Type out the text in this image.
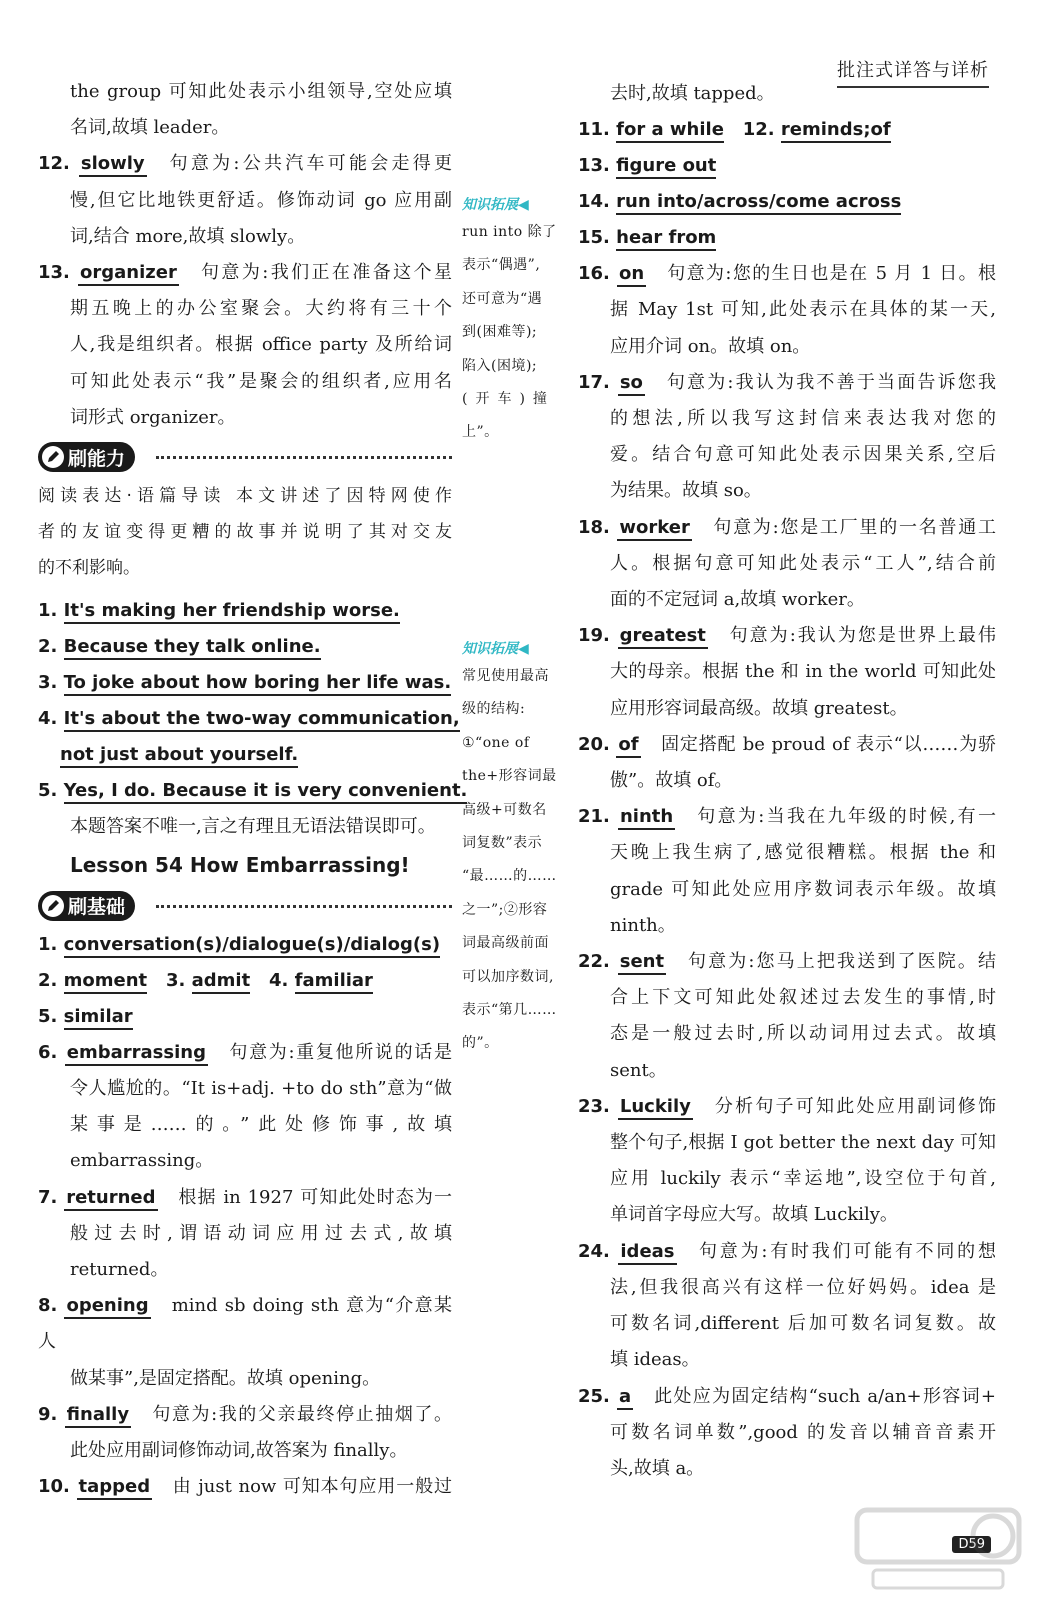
批注式详答与详析
the group 可知此处表示小组领导,空处应填
名词,故填 leader。
12. slowly 句意为:公共汽车可能会走得更
慢,但它比地铁更舒适。修饰动词 go 应用副
词,结合 more,故填 slowly。
13. organizer 句意为:我们正在准备这个星
期五晚上的办公室聚会。大约将有三十个
人,我是组织者。根据 office party 及所给词
可知此处表示“我”是聚会的组织者,应用名
词形式 organizer。
刷能力
阅读表达·语篇导读 本文讲述了因特网使作
者的友谊变得更糟的故事并说明了其对交友
的不利影响。
1. It's making her friendship worse.
2. Because they talk online.
3. To joke about how boring her life was.
4. It's about the two-way communication,
not just about yourself.
5. Yes, I do. Because it is very convenient.
本题答案不唯一,言之有理且无语法错误即可。
Lesson 54 How Embarrassing!
刷基础
1. conversation(s)/dialogue(s)/dialog(s)
2. moment 3. admit 4. familiar
5. similar
6. embarrassing 句意为:重复他所说的话是
令人尴尬的。“It is+adj. +to do sth”意为“做
某事是……的。”此处修饰事,故填
embarrassing。
7. returned 根据 in 1927 可知此处时态为一
般过去时,谓语动词应用过去式,故填
returned。
8. opening mind sb doing sth 意为“介意某人
做某事”,是固定搭配。故填 opening。
9. finally 句意为:我的父亲最终停止抽烟了。
此处应用副词修饰动词,故答案为 finally。
10. tapped 由 just now 可知本句应用一般过
知识拓展◀
run into 除了
表示“偶遇”,
还可意为“遇
到(困难等);
陷入(困境);
(开车)撞
上”。
知识拓展◀
常见使用最高
级的结构:
①“one of
the+形容词最
高级+可数名
词复数”表示
“最……的……
之一”;②形容
词最高级前面
可以加序数词,
表示“第几……
的”。
去时,故填 tapped。
11. for a while 12. reminds;of
13. figure out
14. run into/across/come across
15. hear from
16. on 句意为:您的生日也是在 5 月 1 日。根
据 May 1st 可知,此处表示在具体的某一天,
应用介词 on。故填 on。
17. so 句意为:我认为我不善于当面告诉您我
的想法,所以我写这封信来表达我对您的
爱。结合句意可知此处表示因果关系,空后
为结果。故填 so。
18. worker 句意为:您是工厂里的一名普通工
人。根据句意可知此处表示“工人”,结合前
面的不定冠词 a,故填 worker。
19. greatest 句意为:我认为您是世界上最伟
大的母亲。根据 the 和 in the world 可知此处
应用形容词最高级。故填 greatest。
20. of 固定搭配 be proud of 表示“以……为骄
傲”。故填 of。
21. ninth 句意为:当我在九年级的时候,有一
天晚上我生病了,感觉很糟糕。根据 the 和
grade 可知此处应用序数词表示年级。故填
ninth。
22. sent 句意为:您马上把我送到了医院。结
合上下文可知此处叙述过去发生的事情,时
态是一般过去时,所以动词用过去式。故填
sent。
23. Luckily 分析句子可知此处应用副词修饰
整个句子,根据 I got better the next day 可知
应用 luckily 表示“幸运地”,设空位于句首,
单词首字母应大写。故填 Luckily。
24. ideas 句意为:有时我们可能有不同的想
法,但我很高兴有这样一位好妈妈。idea 是
可数名词,different 后加可数名词复数。故
填 ideas。
25. a 此处应为固定结构“such a/an+形容词+
可数名词单数”,good 的发音以辅音音素开
头,故填 a。
D59
